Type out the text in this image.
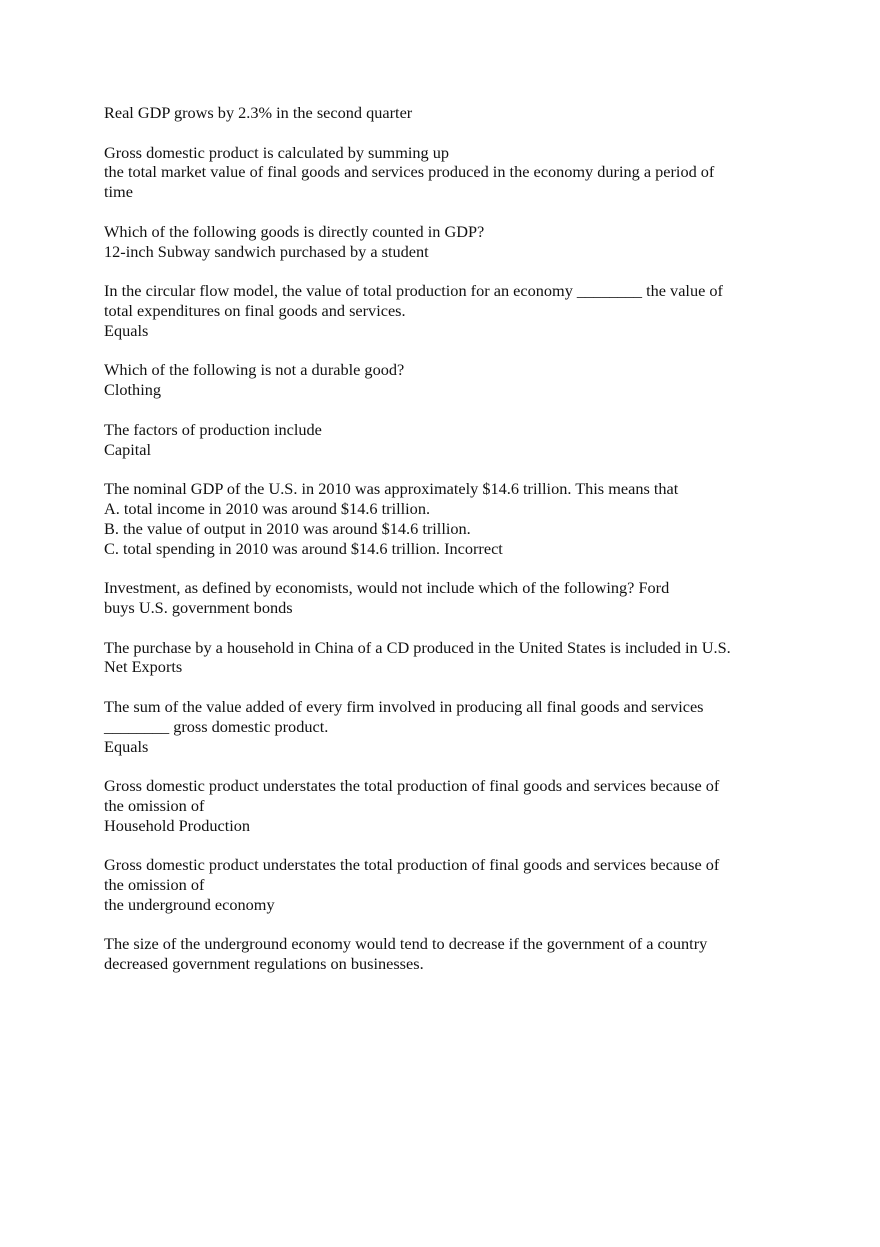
Real GDP grows by 2.3% in the second quarter

Gross domestic product is calculated by summing up
the total market value of final goods and services produced in the economy during a period of
time

Which of the following goods is directly counted in GDP?
12-inch Subway sandwich purchased by a student

In the circular flow model, the value of total production for an economy ________ the value of
total expenditures on final goods and services.
Equals

Which of the following is not a durable good?
Clothing

The factors of production include
Capital

The nominal GDP of the U.S. in 2010 was approximately $14.6 trillion. This means that
A. total income in 2010 was around $14.6 trillion.
B. the value of output in 2010 was around $14.6 trillion.
C. total spending in 2010 was around $14.6 trillion. Incorrect

Investment, as defined by economists, would not include which of the following? Ford
buys U.S. government bonds

The purchase by a household in China of a CD produced in the United States is included in U.S.
Net Exports

The sum of the value added of every firm involved in producing all final goods and services
________ gross domestic product.
Equals

Gross domestic product understates the total production of final goods and services because of
the omission of
Household Production

Gross domestic product understates the total production of final goods and services because of
the omission of
the underground economy

The size of the underground economy would tend to decrease if the government of a country
decreased government regulations on businesses.
